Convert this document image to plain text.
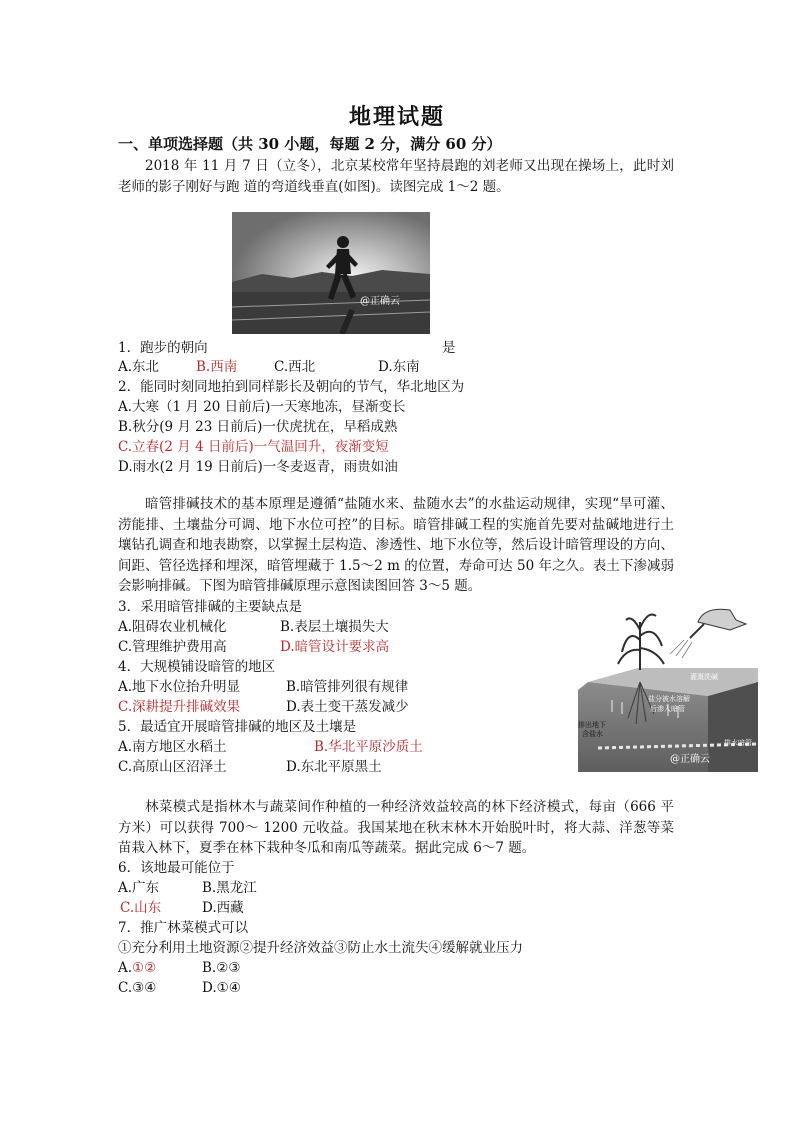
地理试题
一、单项选择题（共 30 小题，每题 2 分，满分 60 分）
2018 年 11 月 7 日（立冬），北京某校常年坚持晨跑的刘老师又出现在操场上，此时刘老师的影子刚好与跑 道的弯道线垂直(如图)。读图完成 1～2 题。
@正确云
1．跑步的朝向	是
A.东北	B.西南	C.西北	D.东南
2．能同时刻同地拍到同样影长及朝向的节气，华北地区为
A.大寒（1 月 20 日前后)一天寒地冻，昼渐变长
B.秋分(9 月 23 日前后)一伏虎扰在，早稻成熟
C.立春(2 月 4 日前后)一气温回升，夜渐变短
D.雨水(2 月 19 日前后)一冬麦返青，雨贵如油
暗管排碱技术的基本原理是遵循“盐随水来、盐随水去”的水盐运动规律，实现“旱可灌、涝能排、土壤盐分可调、地下水位可控”的目标。暗管排碱工程的实施首先要对盐碱地进行土壤钻孔调查和地表勘察，以掌握土层构造、渗透性、地下水位等，然后设计暗管理设的方向、间距、管径选择和埋深，暗管埋藏于 1.5～2 m 的位置，寿命可达 50 年之久。表土下渗减弱会影响排碱。下图为暗管排碱原理示意图读图回答 3～5 题。
3．采用暗管排碱的主要缺点是
A.阻碍农业机械化	B.表层土壤损失大
C.管理维护费用高	D.暗管设计要求高
4．大规模铺设暗管的地区
A.地下水位抬升明显	B.暗管排列很有规律
C.深耕提升排碱效果	D.表土变干蒸发减少
5．最适宜开展暗管排碱的地区及土壤是
A.南方地区水稻土	B.华北平原沙质土
C.高原山区沼泽土	D.东北平原黑土
灌溉洗碱
盐分被水溶解
后渗入暗管
排出地下
含盐水
排水暗管
@正确云
林菜模式是指林木与蔬菜间作种植的一种经济效益较高的林下经济模式，每亩（666 平方米）可以获得 700～ 1200 元收益。我国某地在秋末林木开始脱叶时，将大蒜、洋葱等菜苗栽入林下，夏季在林下栽种冬瓜和南瓜等蔬菜。据此完成 6～7 题。
6．该地最可能位于
A.广东	B.黑龙江
C.山东	D.西藏
7．推广林菜模式可以
①充分利用土地资源②提升经济效益③防止水土流失④缓解就业压力
A.①②	B.②③
C.③④	D.①④
